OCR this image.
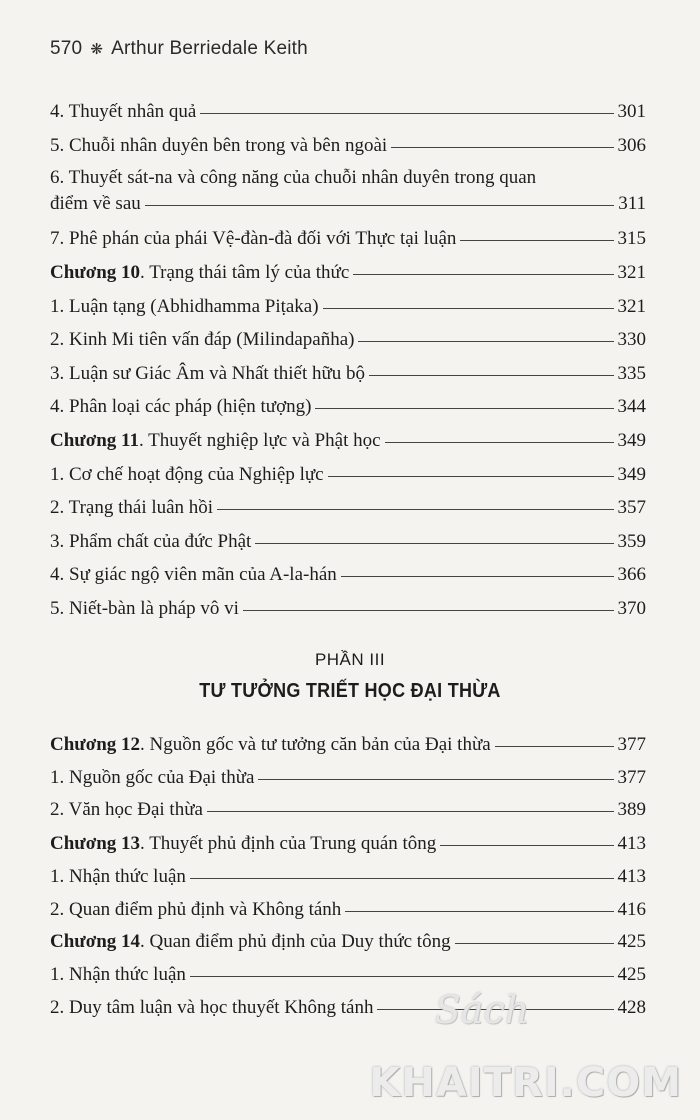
570 ❋ Arthur Berriedale Keith
4. Thuyết nhân quả	301
5. Chuỗi nhân duyên bên trong và bên ngoài	306
6. Thuyết sát-na và công năng của chuỗi nhân duyên trong quan
điểm về sau	311
7. Phê phán của phái Vệ-đàn-đà đối với Thực tại luận	315
Chương 10. Trạng thái tâm lý của thức	321
1. Luận tạng (Abhidhamma Piṭaka)	321
2. Kinh Mi tiên vấn đáp (Milindapañha)	330
3. Luận sư Giác Âm và Nhất thiết hữu bộ	335
4. Phân loại các pháp (hiện tượng)	344
Chương 11. Thuyết nghiệp lực và Phật học	349
1. Cơ chế hoạt động của Nghiệp lực	349
2. Trạng thái luân hồi	357
3. Phẩm chất của đức Phật	359
4. Sự giác ngộ viên mãn của A-la-hán	366
5. Niết-bàn là pháp vô vi	370
PHẦN III
TƯ TƯỞNG TRIẾT HỌC ĐẠI THỪA
Chương 12. Nguồn gốc và tư tưởng căn bản của Đại thừa	377
1. Nguồn gốc của Đại thừa	377
2. Văn học Đại thừa	389
Chương 13. Thuyết phủ định của Trung quán tông	413
1. Nhận thức luận	413
2. Quan điểm phủ định và Không tánh	416
Chương 14. Quan điểm phủ định của Duy thức tông	425
1. Nhận thức luận	425
2. Duy tâm luận và học thuyết Không tánh	428
Sách
KHAITRI.COM
